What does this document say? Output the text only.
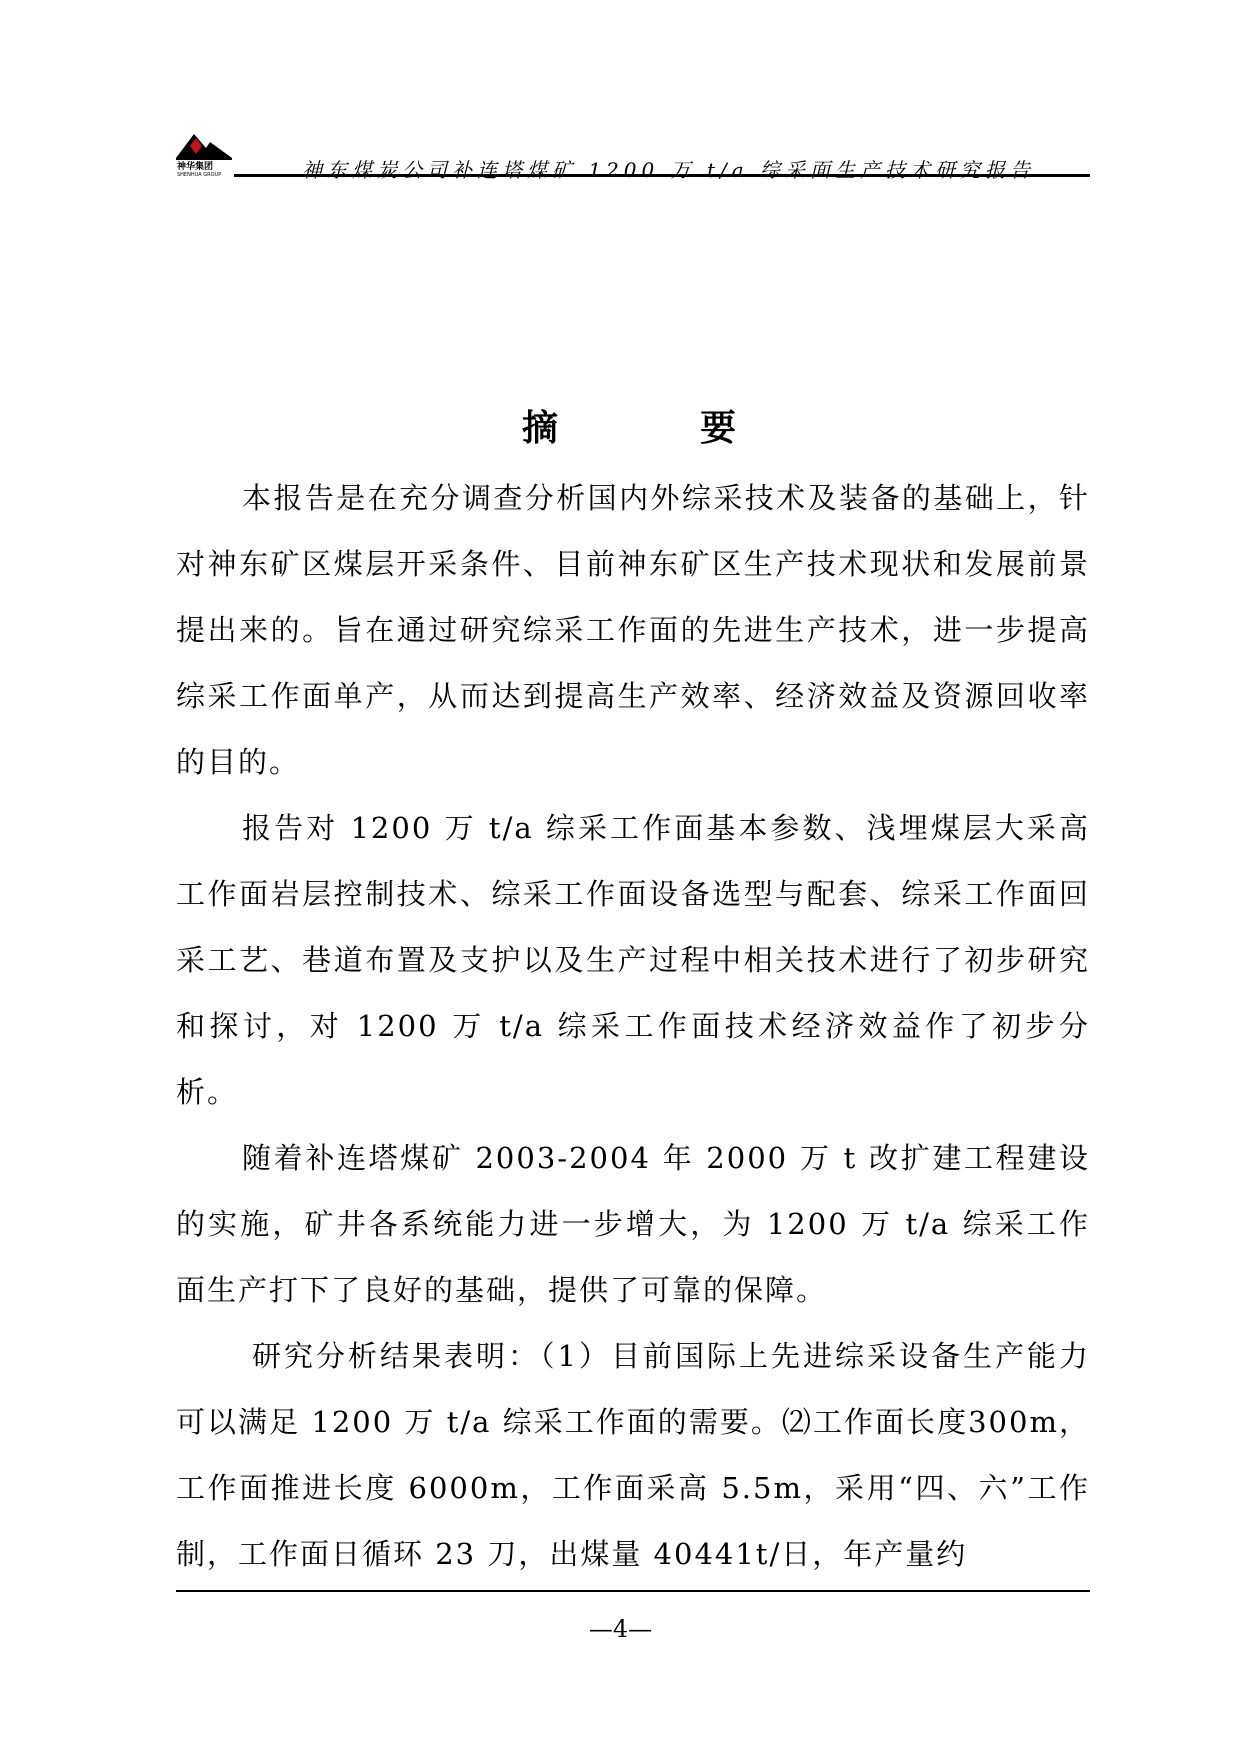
神华集团
SHENHUA GROUP	神东煤炭公司补连塔煤矿 1200 万 t/a 综采面生产技术研究报告
摘	要

本报告是在充分调查分析国内外综采技术及装备的基础上，针对神东矿区煤层开采条件、目前神东矿区生产技术现状和发展前景提出来的。旨在通过研究综采工作面的先进生产技术，进一步提高综采工作面单产，从而达到提高生产效率、经济效益及资源回收率的目的。

报告对 1200 万 t/a 综采工作面基本参数、浅埋煤层大采高工作面岩层控制技术、综采工作面设备选型与配套、综采工作面回采工艺、巷道布置及支护以及生产过程中相关技术进行了初步研究和探讨，对 1200 万 t/a 综采工作面技术经济效益作了初步分析。

随着补连塔煤矿 2003-2004 年 2000 万 t 改扩建工程建设的实施，矿井各系统能力进一步增大，为 1200 万 t/a 综采工作面生产打下了良好的基础，提供了可靠的保障。

研究分析结果表明：（1）目前国际上先进综采设备生产能力可以满足 1200 万 t/a 综采工作面的需要。⑵工作面长度300m，工作面推进长度 6000m，工作面采高 5.5m，采用“四、六”工作制，工作面日循环 23 刀，出煤量 40441t/日，年产量约

—4—
